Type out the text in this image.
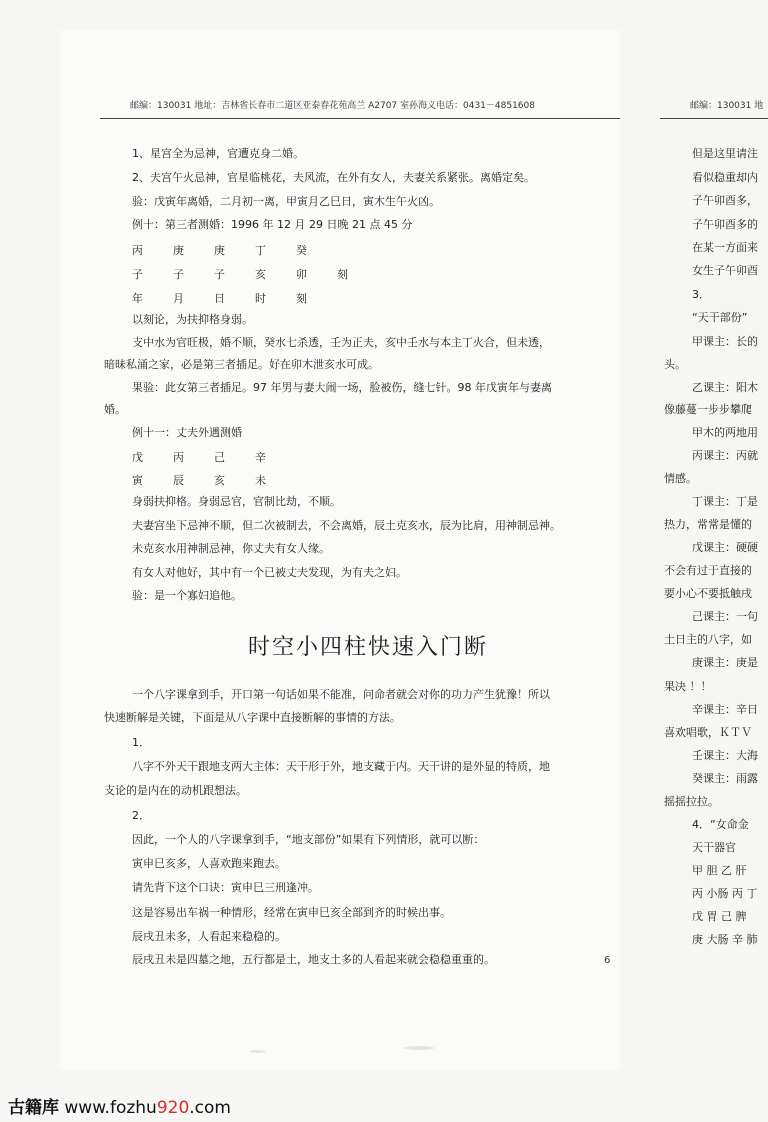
邮编：130031 地址：吉林省长春市二道区亚泰春花苑高兰 A2707 室孙海义电话：0431－4851608
1、星宫全为忌神，官遭克身二婚。
2、夫宫午火忌神，官星临桃花，夫风流，在外有女人，夫妻关系紧张。离婚定矣。
验：戊寅年离婚，二月初一离，甲寅月乙巳日，寅木生午火凶。
例十：第三者测婚：1996 年 12 月 29 日晚 21 点 45 分
丙	庚	庚	丁	癸
子	子	子	亥	卯	刻
年	月	日	时	刻
以刻论，为扶抑格身弱。
支中水为官旺极，婚不顺，癸水七杀透，壬为正夫，亥中壬水与本主丁火合，但未透，
暗昧私涌之家，必是第三者插足。好在卯木泄亥水可成。
果验：此女第三者插足。97 年男与妻大闹一场，脸被伤，缝七针。98 年戊寅年与妻离
婚。
例十一：丈夫外遇测婚
戊	丙	己	辛
寅	辰	亥	未
身弱扶抑格。身弱忌官，官制比劫，不顺。
夫妻宫坐下忌神不顺，但二次被制去，不会离婚，辰土克亥水，辰为比肩，用神制忌神。
未克亥水用神制忌神，你丈夫有女人缘。
有女人对他好，其中有一个已被丈夫发现，为有夫之妇。
验：是一个寡妇追他。
时空小四柱快速入门断
一个八字课拿到手，开口第一句话如果不能准，问命者就会对你的功力产生犹豫！所以
快速断解是关键，下面是从八字课中直接断解的事情的方法。
1．
八字不外天干跟地支两大主体：天干形于外，地支藏于内。天干讲的是外显的特质，地
支论的是内在的动机跟想法。
2．
因此，一个人的八字课拿到手，“地支部份”如果有下列情形，就可以断：
寅申巳亥多，人喜欢跑来跑去。
请先背下这个口诀：寅申巳三刑逢冲。
这是容易出车祸一种情形，经常在寅申巳亥全部到齐的时候出事。
辰戌丑未多，人看起来稳稳的。
辰戌丑未是四墓之地，五行都是土，地支土多的人看起来就会稳稳重重的。	6
邮编：130031 地
但是这里请注
看似稳重却内
子午卯酉多，
子午卯酉多的
在某一方面来
女生子午卯酉
3．
“天干部份”
甲课主：长的
头。
乙课主：阳木
像藤蔓一步步攀爬
甲木的两地用
丙课主：丙就
情感。
丁课主：丁是
热力，常常是懂的
戊课主：硬硬
不会有过于直接的
要小心不要抵触戌
己课主：一句
土日主的八字，如
庚课主：庚是
果决 ！！
辛课主：辛日
喜欢唱歌，ＫＴＶ
壬课主：大海
癸课主：雨露
摇摇拉拉。
4．“女命金
天干器官
甲 胆 乙 肝
丙 小肠 丙 丁
戊 胃 己 脾
庚 大肠 辛 肺
古籍库 www.fozhu920.com
